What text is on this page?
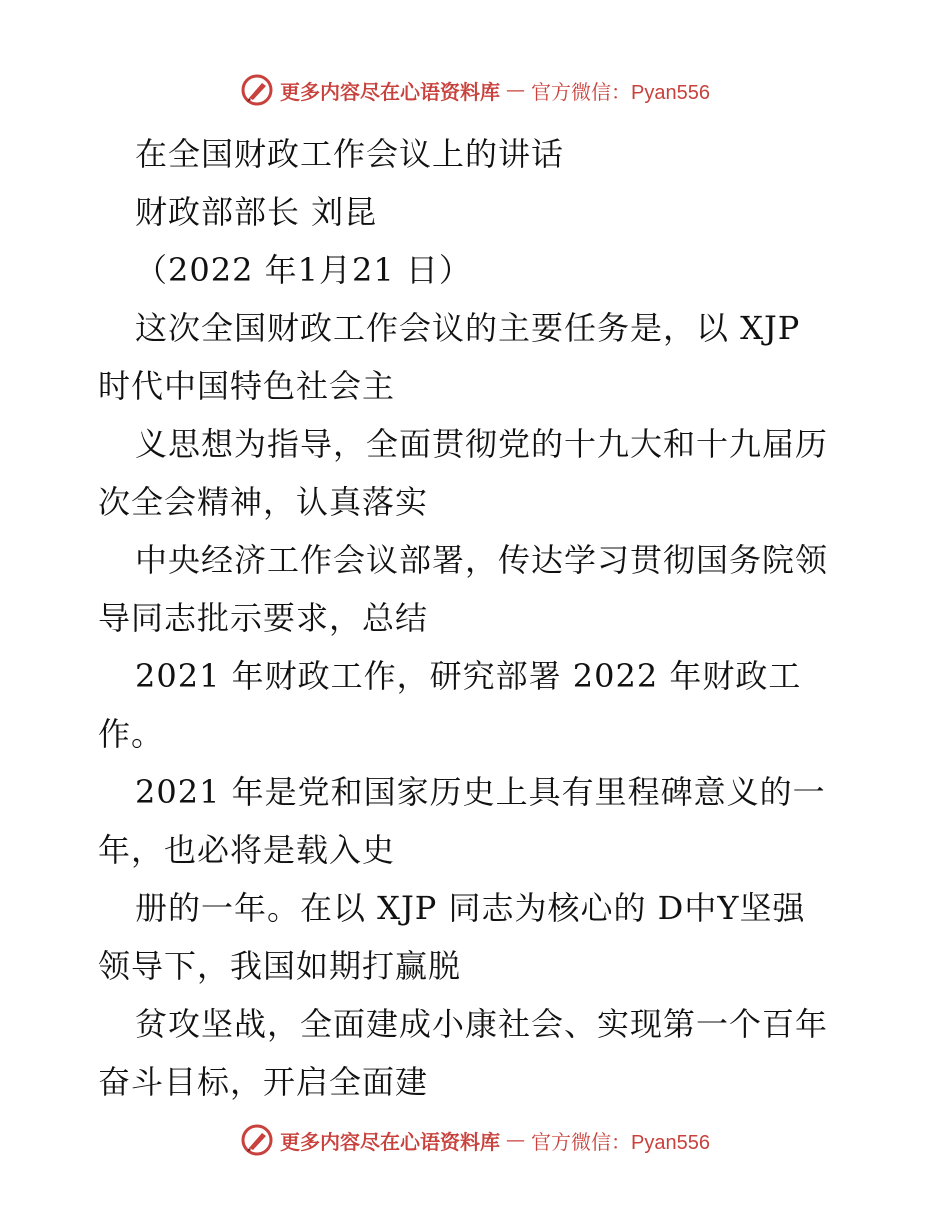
更多内容尽在心语资料库 — 官方微信：Pyan556
在全国财政工作会议上的讲话
财政部部长 刘昆
（2022 年1月21 日）
这次全国财政工作会议的主要任务是，以 XJP
时代中国特色社会主
义思想为指导，全面贯彻党的十九大和十九届历
次全会精神，认真落实
中央经济工作会议部署，传达学习贯彻国务院领
导同志批示要求，总结
2021 年财政工作，研究部署 2022 年财政工
作。
2021 年是党和国家历史上具有里程碑意义的一
年，也必将是载入史
册的一年。在以 XJP 同志为核心的 D中Y坚强
领导下，我国如期打赢脱
贫攻坚战，全面建成小康社会、实现第一个百年
奋斗目标，开启全面建
更多内容尽在心语资料库 — 官方微信：Pyan556
